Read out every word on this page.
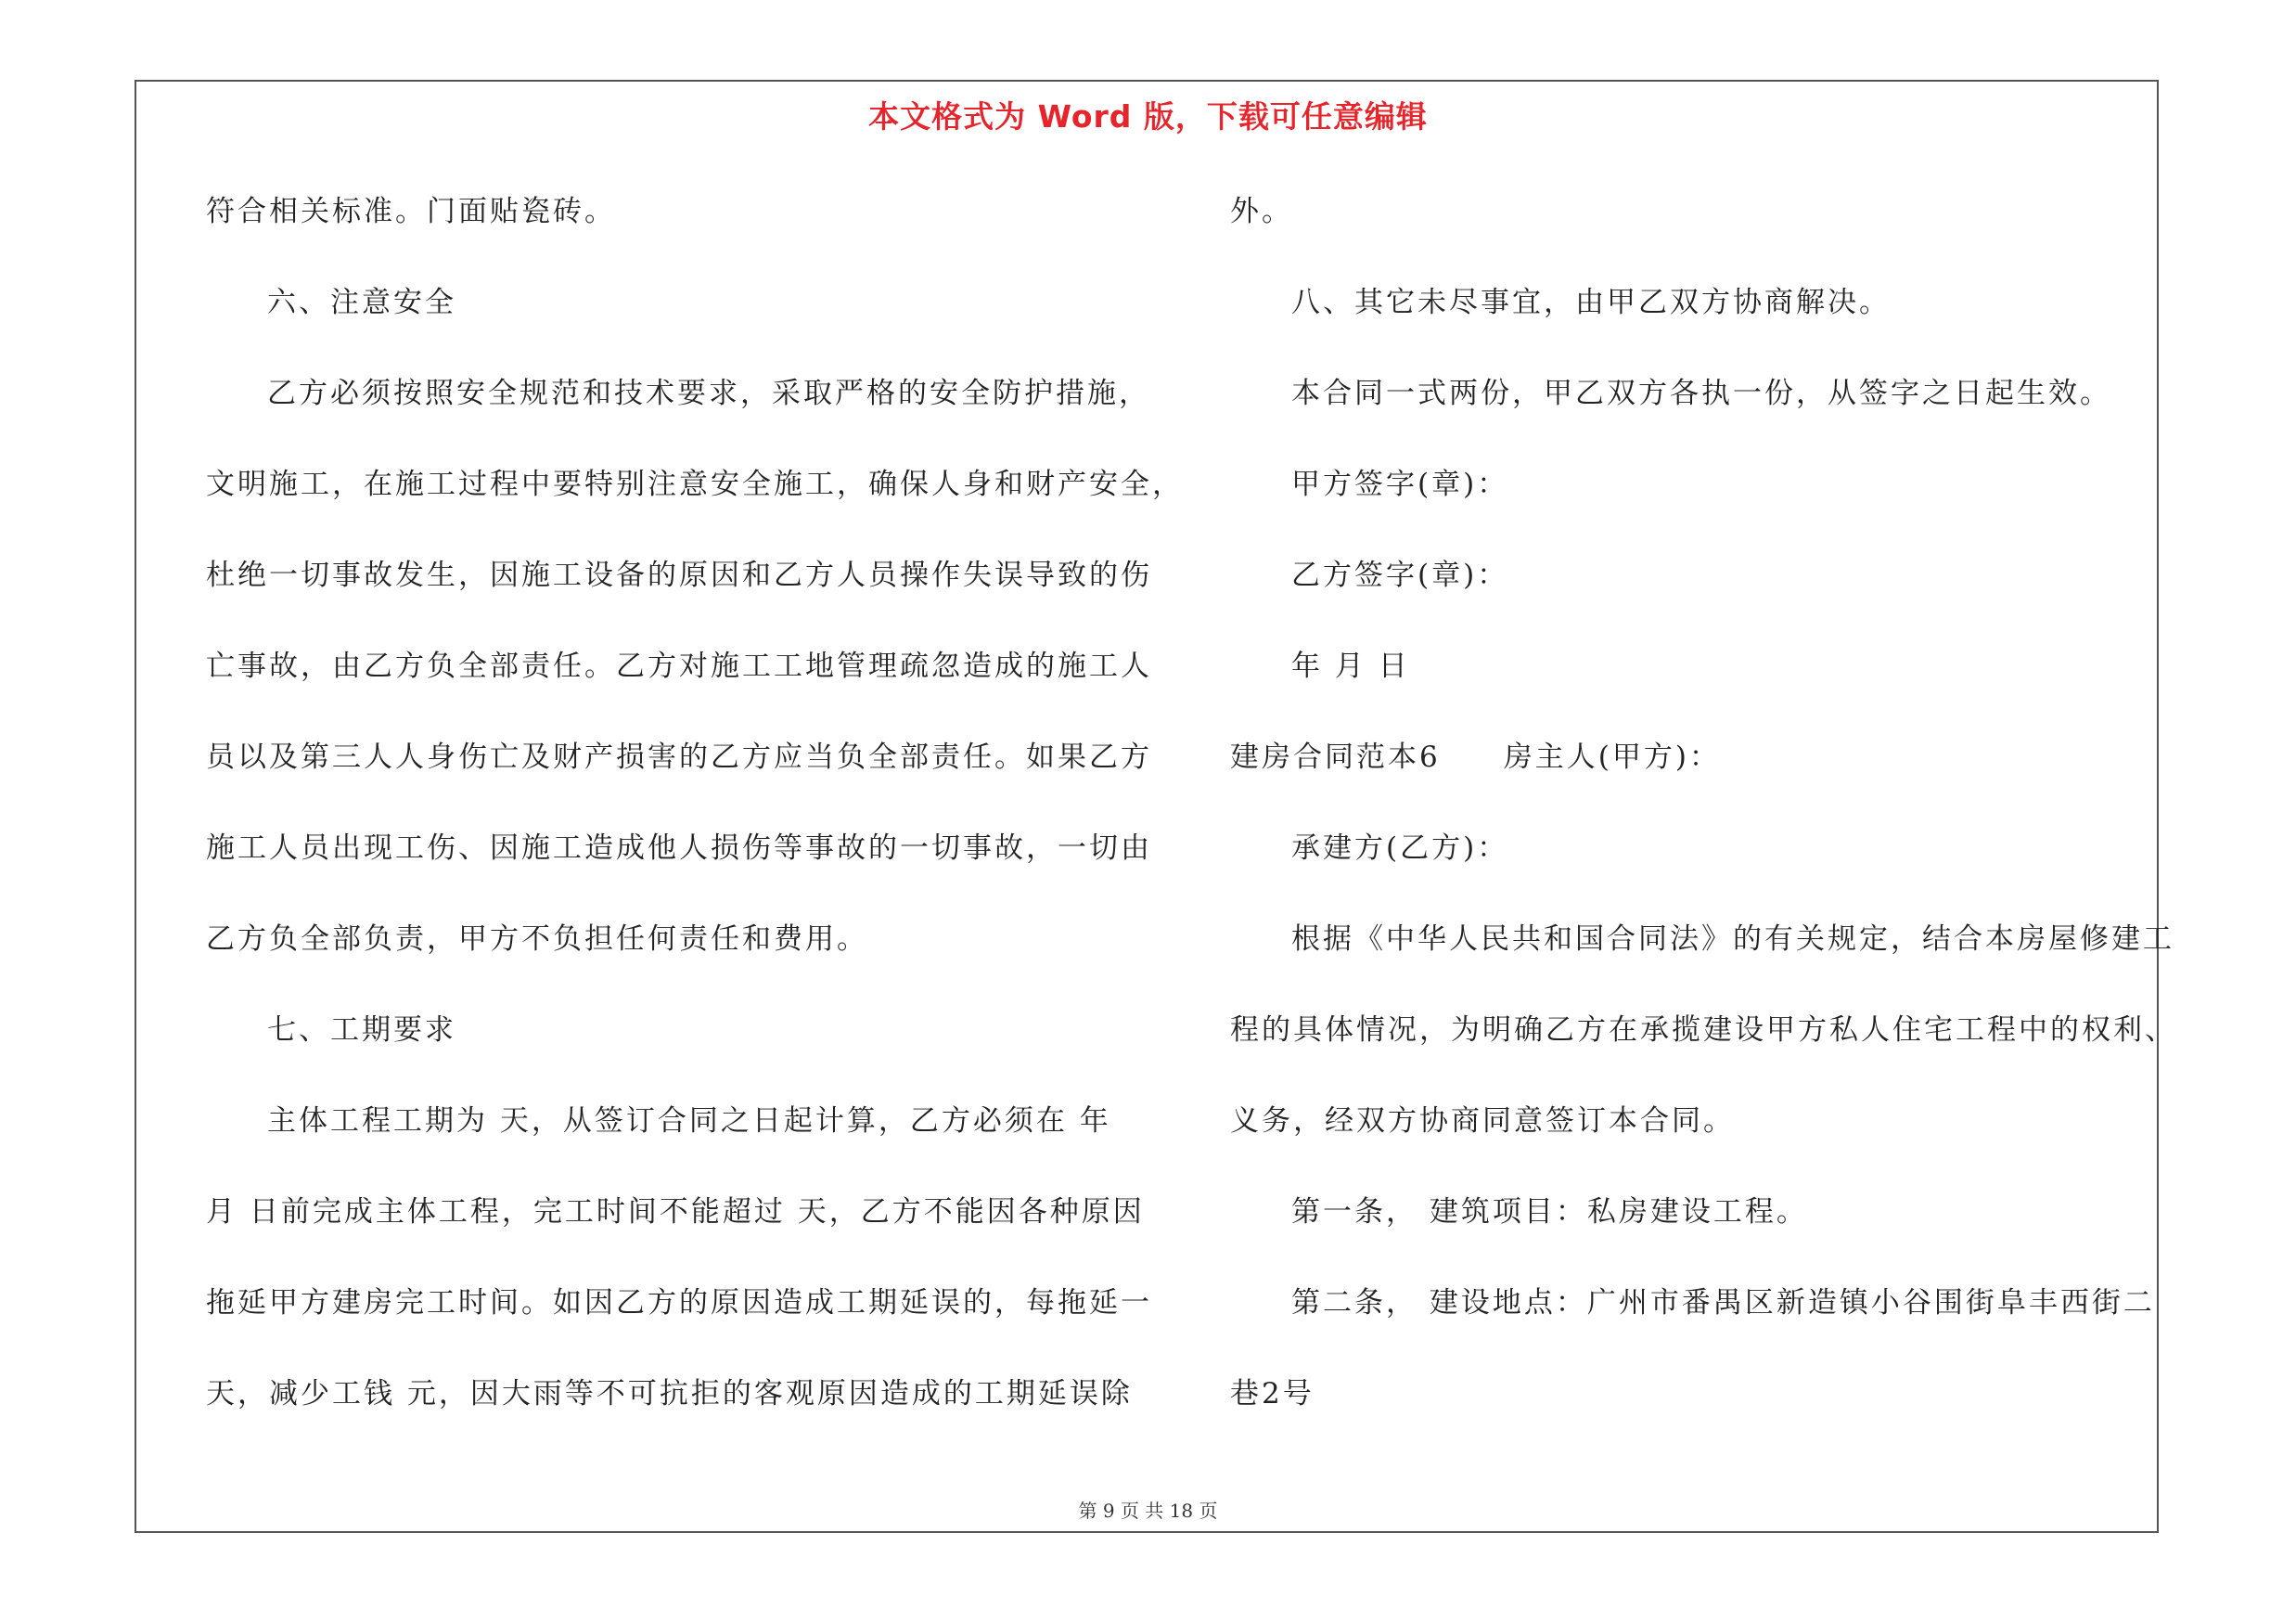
本文格式为 Word 版，下载可任意编辑
符合相关标准。门面贴瓷砖。
六、注意安全
乙方必须按照安全规范和技术要求，采取严格的安全防护措施，
文明施工，在施工过程中要特别注意安全施工，确保人身和财产安全，
杜绝一切事故发生，因施工设备的原因和乙方人员操作失误导致的伤
亡事故，由乙方负全部责任。乙方对施工工地管理疏忽造成的施工人
员以及第三人人身伤亡及财产损害的乙方应当负全部责任。如果乙方
施工人员出现工伤、因施工造成他人损伤等事故的一切事故，一切由
乙方负全部负责，甲方不负担任何责任和费用。
七、工期要求
主体工程工期为 天，从签订合同之日起计算，乙方必须在 年
月 日前完成主体工程，完工时间不能超过 天，乙方不能因各种原因
拖延甲方建房完工时间。如因乙方的原因造成工期延误的，每拖延一
天，减少工钱 元，因大雨等不可抗拒的客观原因造成的工期延误除
外。
八、其它未尽事宜，由甲乙双方协商解决。
本合同一式两份，甲乙双方各执一份，从签字之日起生效。
甲方签字(章)：
乙方签字(章)：
年 月 日
建房合同范本6　　房主人(甲方)：
承建方(乙方)：
根据《中华人民共和国合同法》的有关规定，结合本房屋修建工
程的具体情况，为明确乙方在承揽建设甲方私人住宅工程中的权利、
义务，经双方协商同意签订本合同。
第一条， 建筑项目：私房建设工程。
第二条， 建设地点：广州市番禺区新造镇小谷围街阜丰西街二
巷2号
第 9 页 共 18 页
